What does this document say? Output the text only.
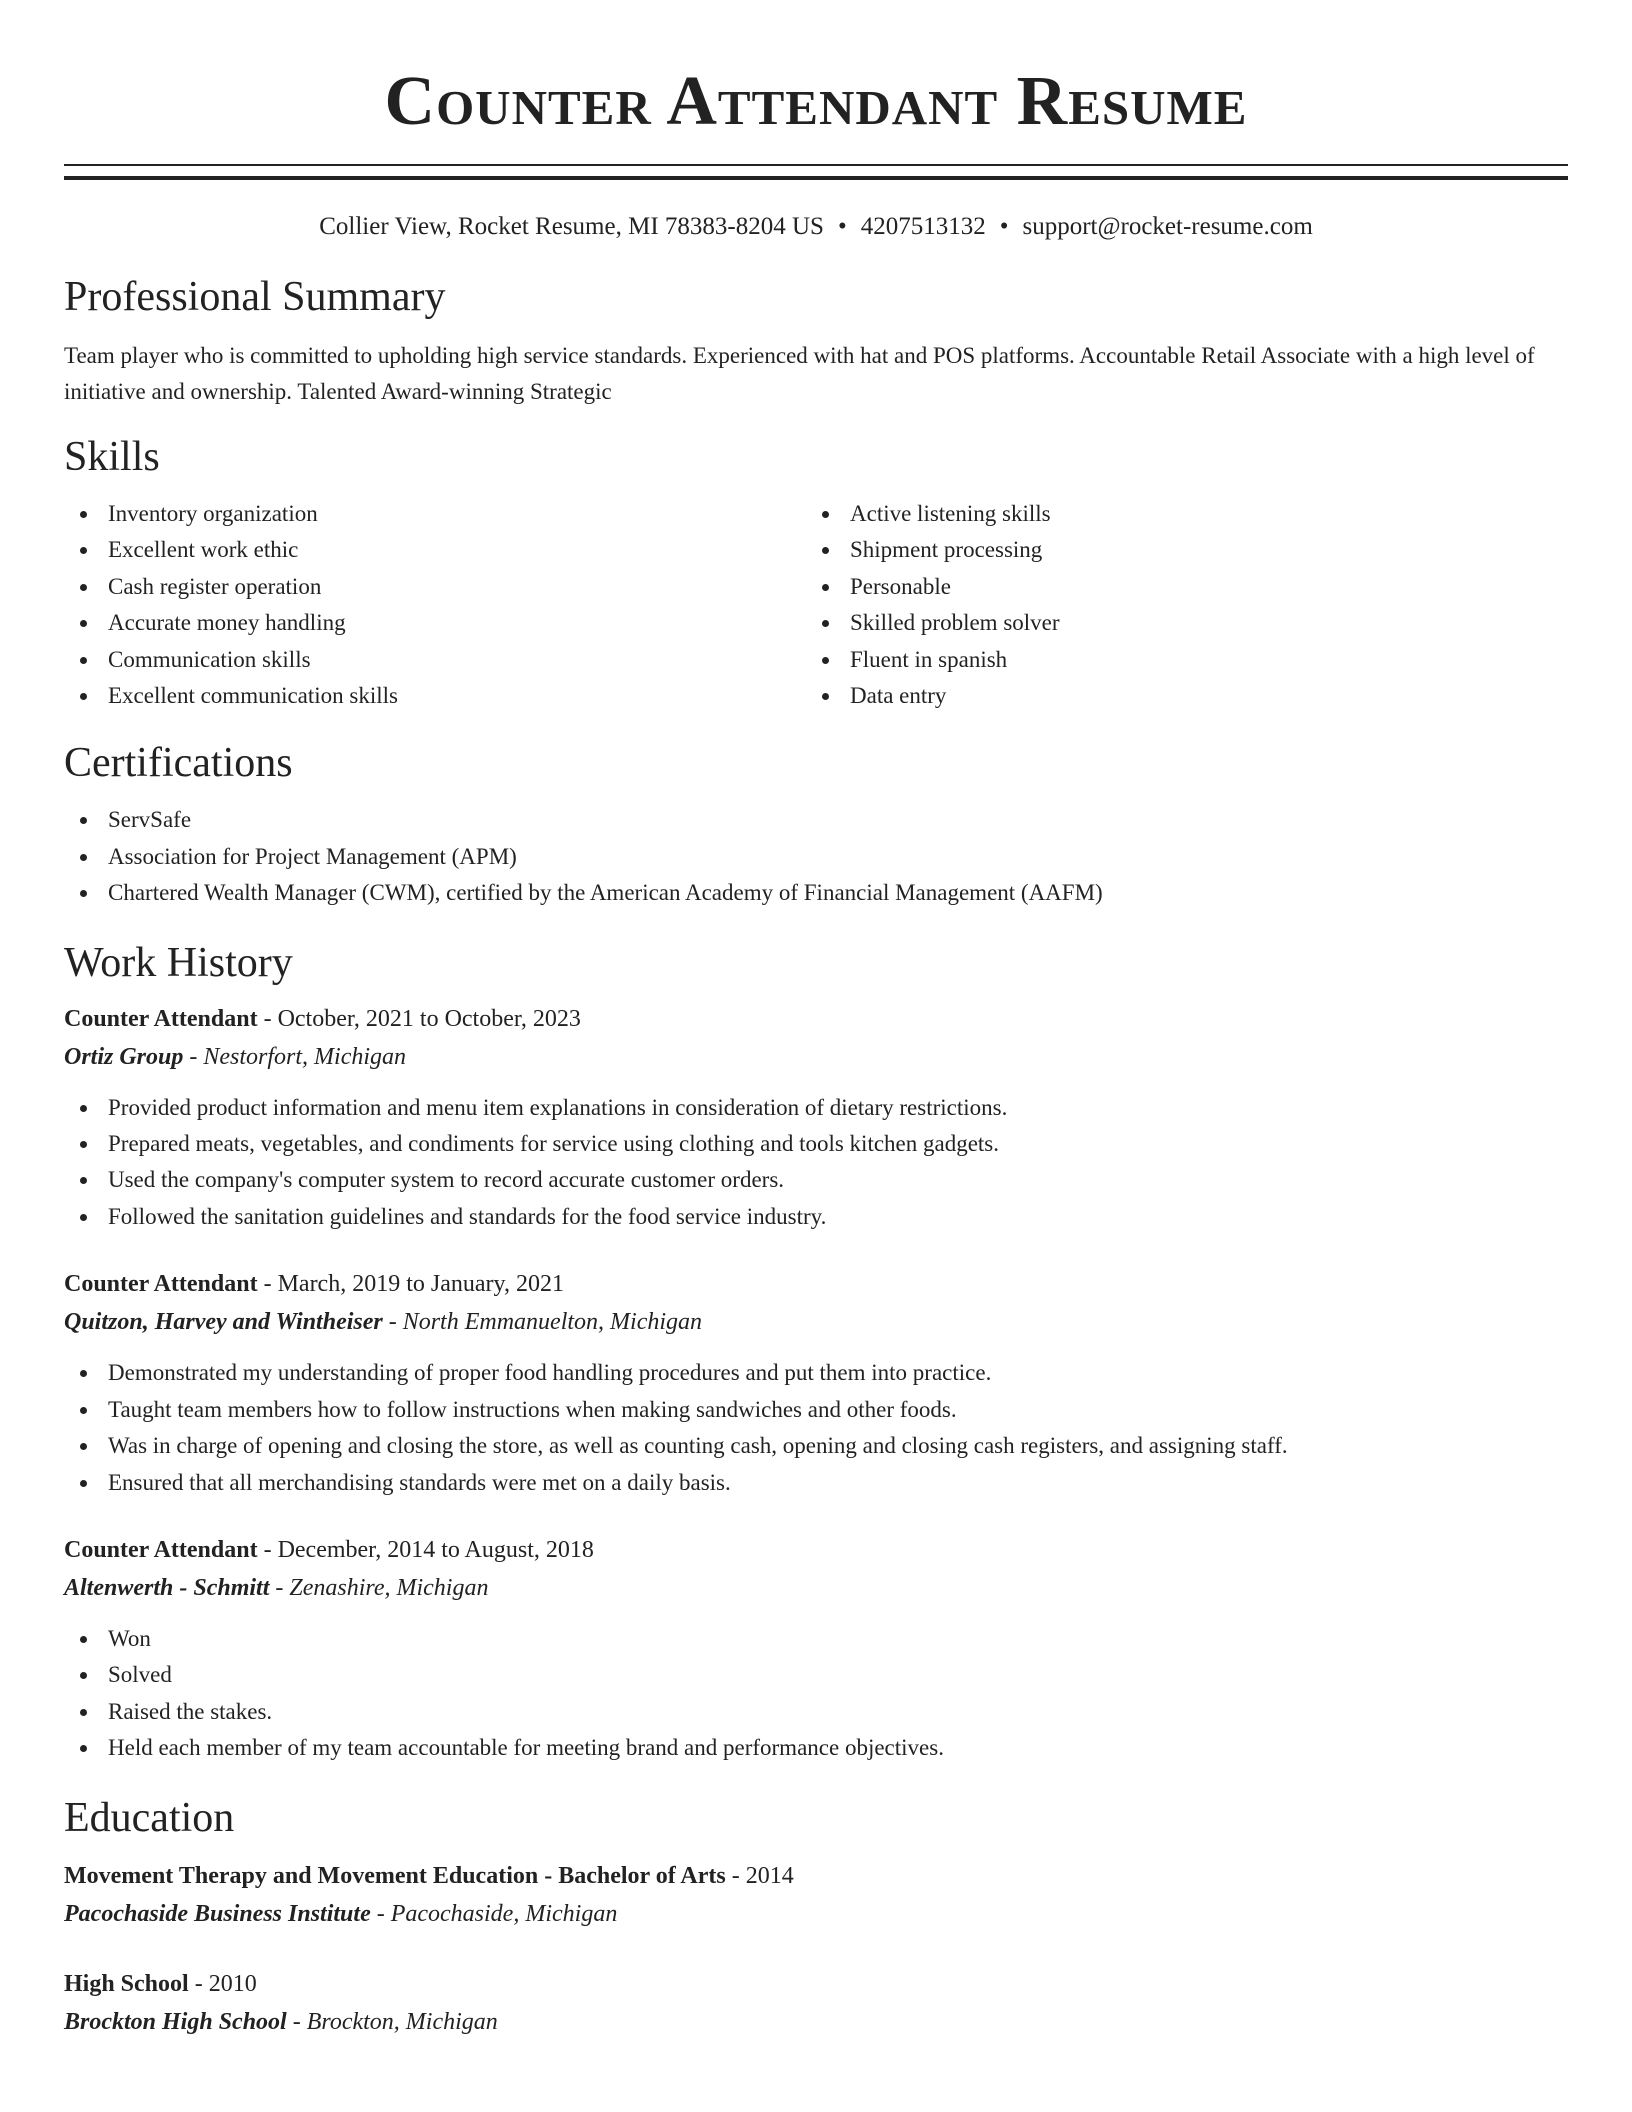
Counter Attendant Resume
Collier View, Rocket Resume, MI 78383-8204 US • 4207513132 • support@rocket-resume.com
Professional Summary

Team player who is committed to upholding high service standards. Experienced with hat and POS platforms. Accountable Retail Associate with a high level of initiative and ownership. Talented Award-winning Strategic

Skills
Inventory organization
Excellent work ethic
Cash register operation
Accurate money handling
Communication skills
Excellent communication skills
Active listening skills
Shipment processing
Personable
Skilled problem solver
Fluent in spanish
Data entry
Certifications
ServSafe
Association for Project Management (APM)
Chartered Wealth Manager (CWM), certified by the American Academy of Financial Management (AAFM)
Work History
Counter Attendant - October, 2021 to October, 2023
Ortiz Group - Nestorfort, Michigan
Provided product information and menu item explanations in consideration of dietary restrictions.
Prepared meats, vegetables, and condiments for service using clothing and tools kitchen gadgets.
Used the company's computer system to record accurate customer orders.
Followed the sanitation guidelines and standards for the food service industry.
Counter Attendant - March, 2019 to January, 2021
Quitzon, Harvey and Wintheiser - North Emmanuelton, Michigan
Demonstrated my understanding of proper food handling procedures and put them into practice.
Taught team members how to follow instructions when making sandwiches and other foods.
Was in charge of opening and closing the store, as well as counting cash, opening and closing cash registers, and assigning staff.
Ensured that all merchandising standards were met on a daily basis.
Counter Attendant - December, 2014 to August, 2018
Altenwerth - Schmitt - Zenashire, Michigan
Won
Solved
Raised the stakes.
Held each member of my team accountable for meeting brand and performance objectives.
Education
Movement Therapy and Movement Education - Bachelor of Arts - 2014
Pacochaside Business Institute - Pacochaside, Michigan
High School - 2010
Brockton High School - Brockton, Michigan
